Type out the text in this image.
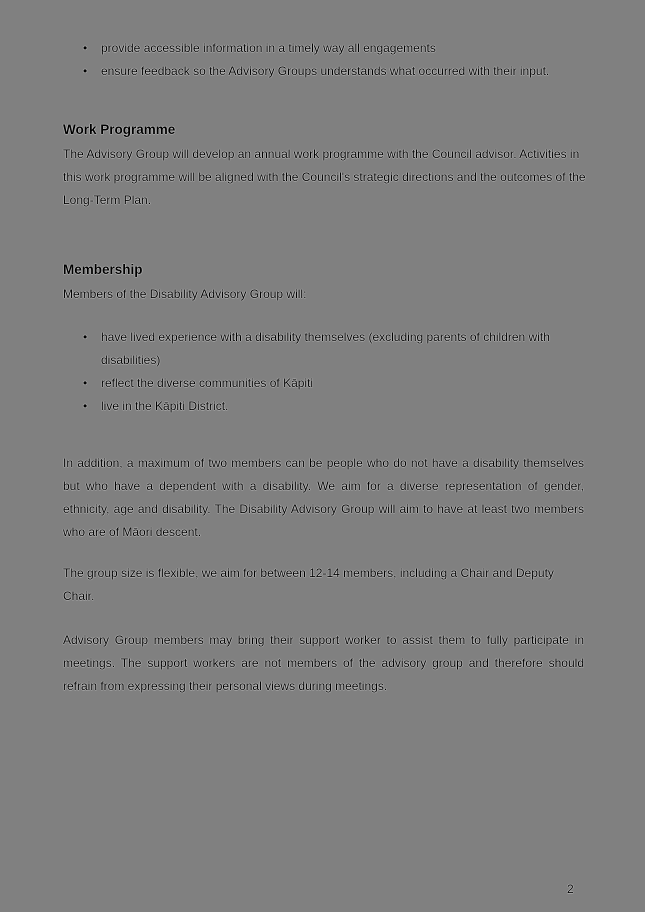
• provide accessible information in a timely way all engagements
• ensure feedback so the Advisory Groups understands what occurred with their input.
Work Programme

The Advisory Group will develop an annual work programme with the Council advisor. Activities in this work programme will be aligned with the Council's strategic directions and the outcomes of the Long-Term Plan.

Membership

Members of the Disability Advisory Group will:

• have lived experience with a disability themselves (excluding parents of children with disabilities)
• reflect the diverse communities of Kāpiti
• live in the Kāpiti District.

In addition, a maximum of two members can be people who do not have a disability themselves but who have a dependent with a disability. We aim for a diverse representation of gender, ethnicity, age and disability. The Disability Advisory Group will aim to have at least two members who are of Māori descent.

The group size is flexible, we aim for between 12-14 members, including a Chair and Deputy Chair.

Advisory Group members may bring their support worker to assist them to fully participate in meetings. The support workers are not members of the advisory group and therefore should refrain from expressing their personal views during meetings.

2
